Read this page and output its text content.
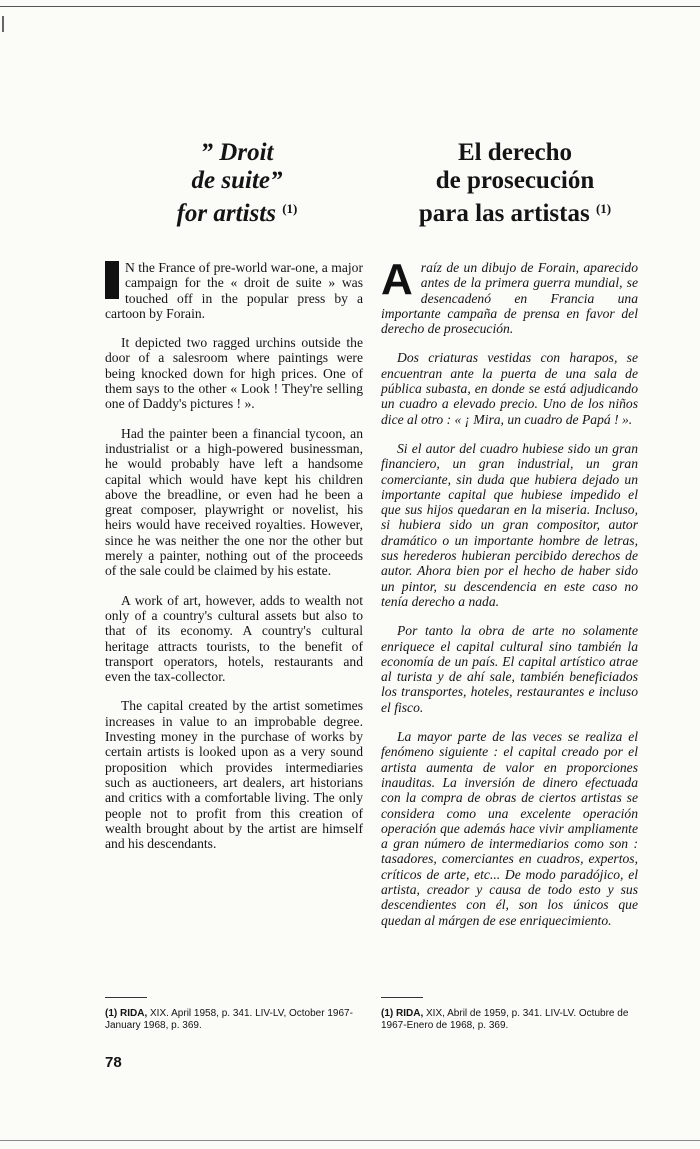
” Droit
de suite”
for artists $^{(1)}$
El derecho
de prosecución
para las artistas $^{(1)}$

N the France of pre-world war-one, a major campaign for the « droit de suite » was touched off in the popular press by a cartoon by Forain.

It depicted two ragged urchins outside the door of a salesroom where paintings were being knocked down for high prices. One of them says to the other « Look ! They're selling one of Daddy's pictures ! ».

Had the painter been a financial tycoon, an industrialist or a high-powered businessman, he would probably have left a handsome capital which would have kept his children above the breadline, or even had he been a great composer, playwright or novelist, his heirs would have received royalties. However, since he was neither the one nor the other but merely a painter, nothing out of the proceeds of the sale could be claimed by his estate.

A work of art, however, adds to wealth not only of a country's cultural assets but also to that of its economy. A country's cultural heritage attracts tourists, to the benefit of transport operators, hotels, restaurants and even the tax-collector.

The capital created by the artist sometimes increases in value to an improbable degree. Investing money in the purchase of works by certain artists is looked upon as a very sound proposition which provides intermediaries such as auctioneers, art dealers, art historians and critics with a comfortable living. The only people not to profit from this creation of wealth brought about by the artist are himself and his descendants.

Araíz de un dibujo de Forain, aparecido antes de la primera guerra mundial, se desencadenó en Francia una importante campaña de prensa en favor del derecho de prosecución.

Dos criaturas vestidas con harapos, se encuentran ante la puerta de una sala de pública subasta, en donde se está adjudicando un cuadro a elevado precio. Uno de los niños dice al otro : « ¡ Mira, un cuadro de Papá ! ».

Si el autor del cuadro hubiese sido un gran financiero, un gran industrial, un gran comerciante, sin duda que hubiera dejado un importante capital que hubiese impedido el que sus hijos quedaran en la miseria. Incluso, si hubiera sido un gran compositor, autor dramático o un importante hombre de letras, sus herederos hubieran percibido derechos de autor. Ahora bien por el hecho de haber sido un pintor, su descendencia en este caso no tenía derecho a nada.

Por tanto la obra de arte no solamente enriquece el capital cultural sino también la economía de un país. El capital artístico atrae al turista y de ahí sale, también beneficiados los transportes, hoteles, restaurantes e incluso el fisco.

La mayor parte de las veces se realiza el fenómeno siguiente : el capital creado por el artista aumenta de valor en proporciones inauditas. La inversión de dinero efectuada con la compra de obras de ciertos artistas se considera como una excelente operación operación que además hace vivir ampliamente a gran número de intermediarios como son : tasadores, comerciantes en cuadros, expertos, críticos de arte, etc... De modo paradójico, el artista, creador y causa de todo esto y sus descendientes con él, son los únicos que quedan al márgen de ese enriquecimiento.

(1) RIDA, XIX. April 1958, p. 341. LIV-LV, October 1967-January 1968, p. 369.
(1) RIDA, XIX, Abril de 1959, p. 341. LIV-LV. Octubre de 1967-Enero de 1968, p. 369.
78
